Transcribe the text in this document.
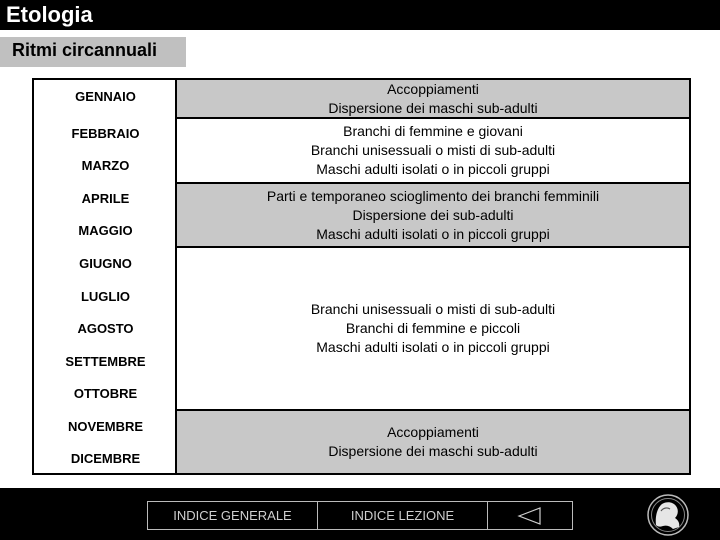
Etologia
Ritmi circannuali
GENNAIO
FEBBRAIO
MARZO
APRILE
MAGGIO
GIUGNO
LUGLIO
AGOSTO
SETTEMBRE
OTTOBRE
NOVEMBRE
DICEMBRE
Accoppiamenti
Dispersione dei maschi sub-adulti
Branchi di femmine e giovani
Branchi unisessuali o misti di sub-adulti
Maschi adulti isolati o in piccoli gruppi
Parti e temporaneo scioglimento dei branchi femminili
Dispersione dei sub-adulti
Maschi adulti isolati o in piccoli gruppi
Branchi unisessuali o misti di sub-adulti
Branchi di femmine e piccoli
Maschi adulti isolati o in piccoli gruppi
Accoppiamenti
Dispersione dei maschi sub-adulti
INDICE GENERALE	INDICE LEZIONE
